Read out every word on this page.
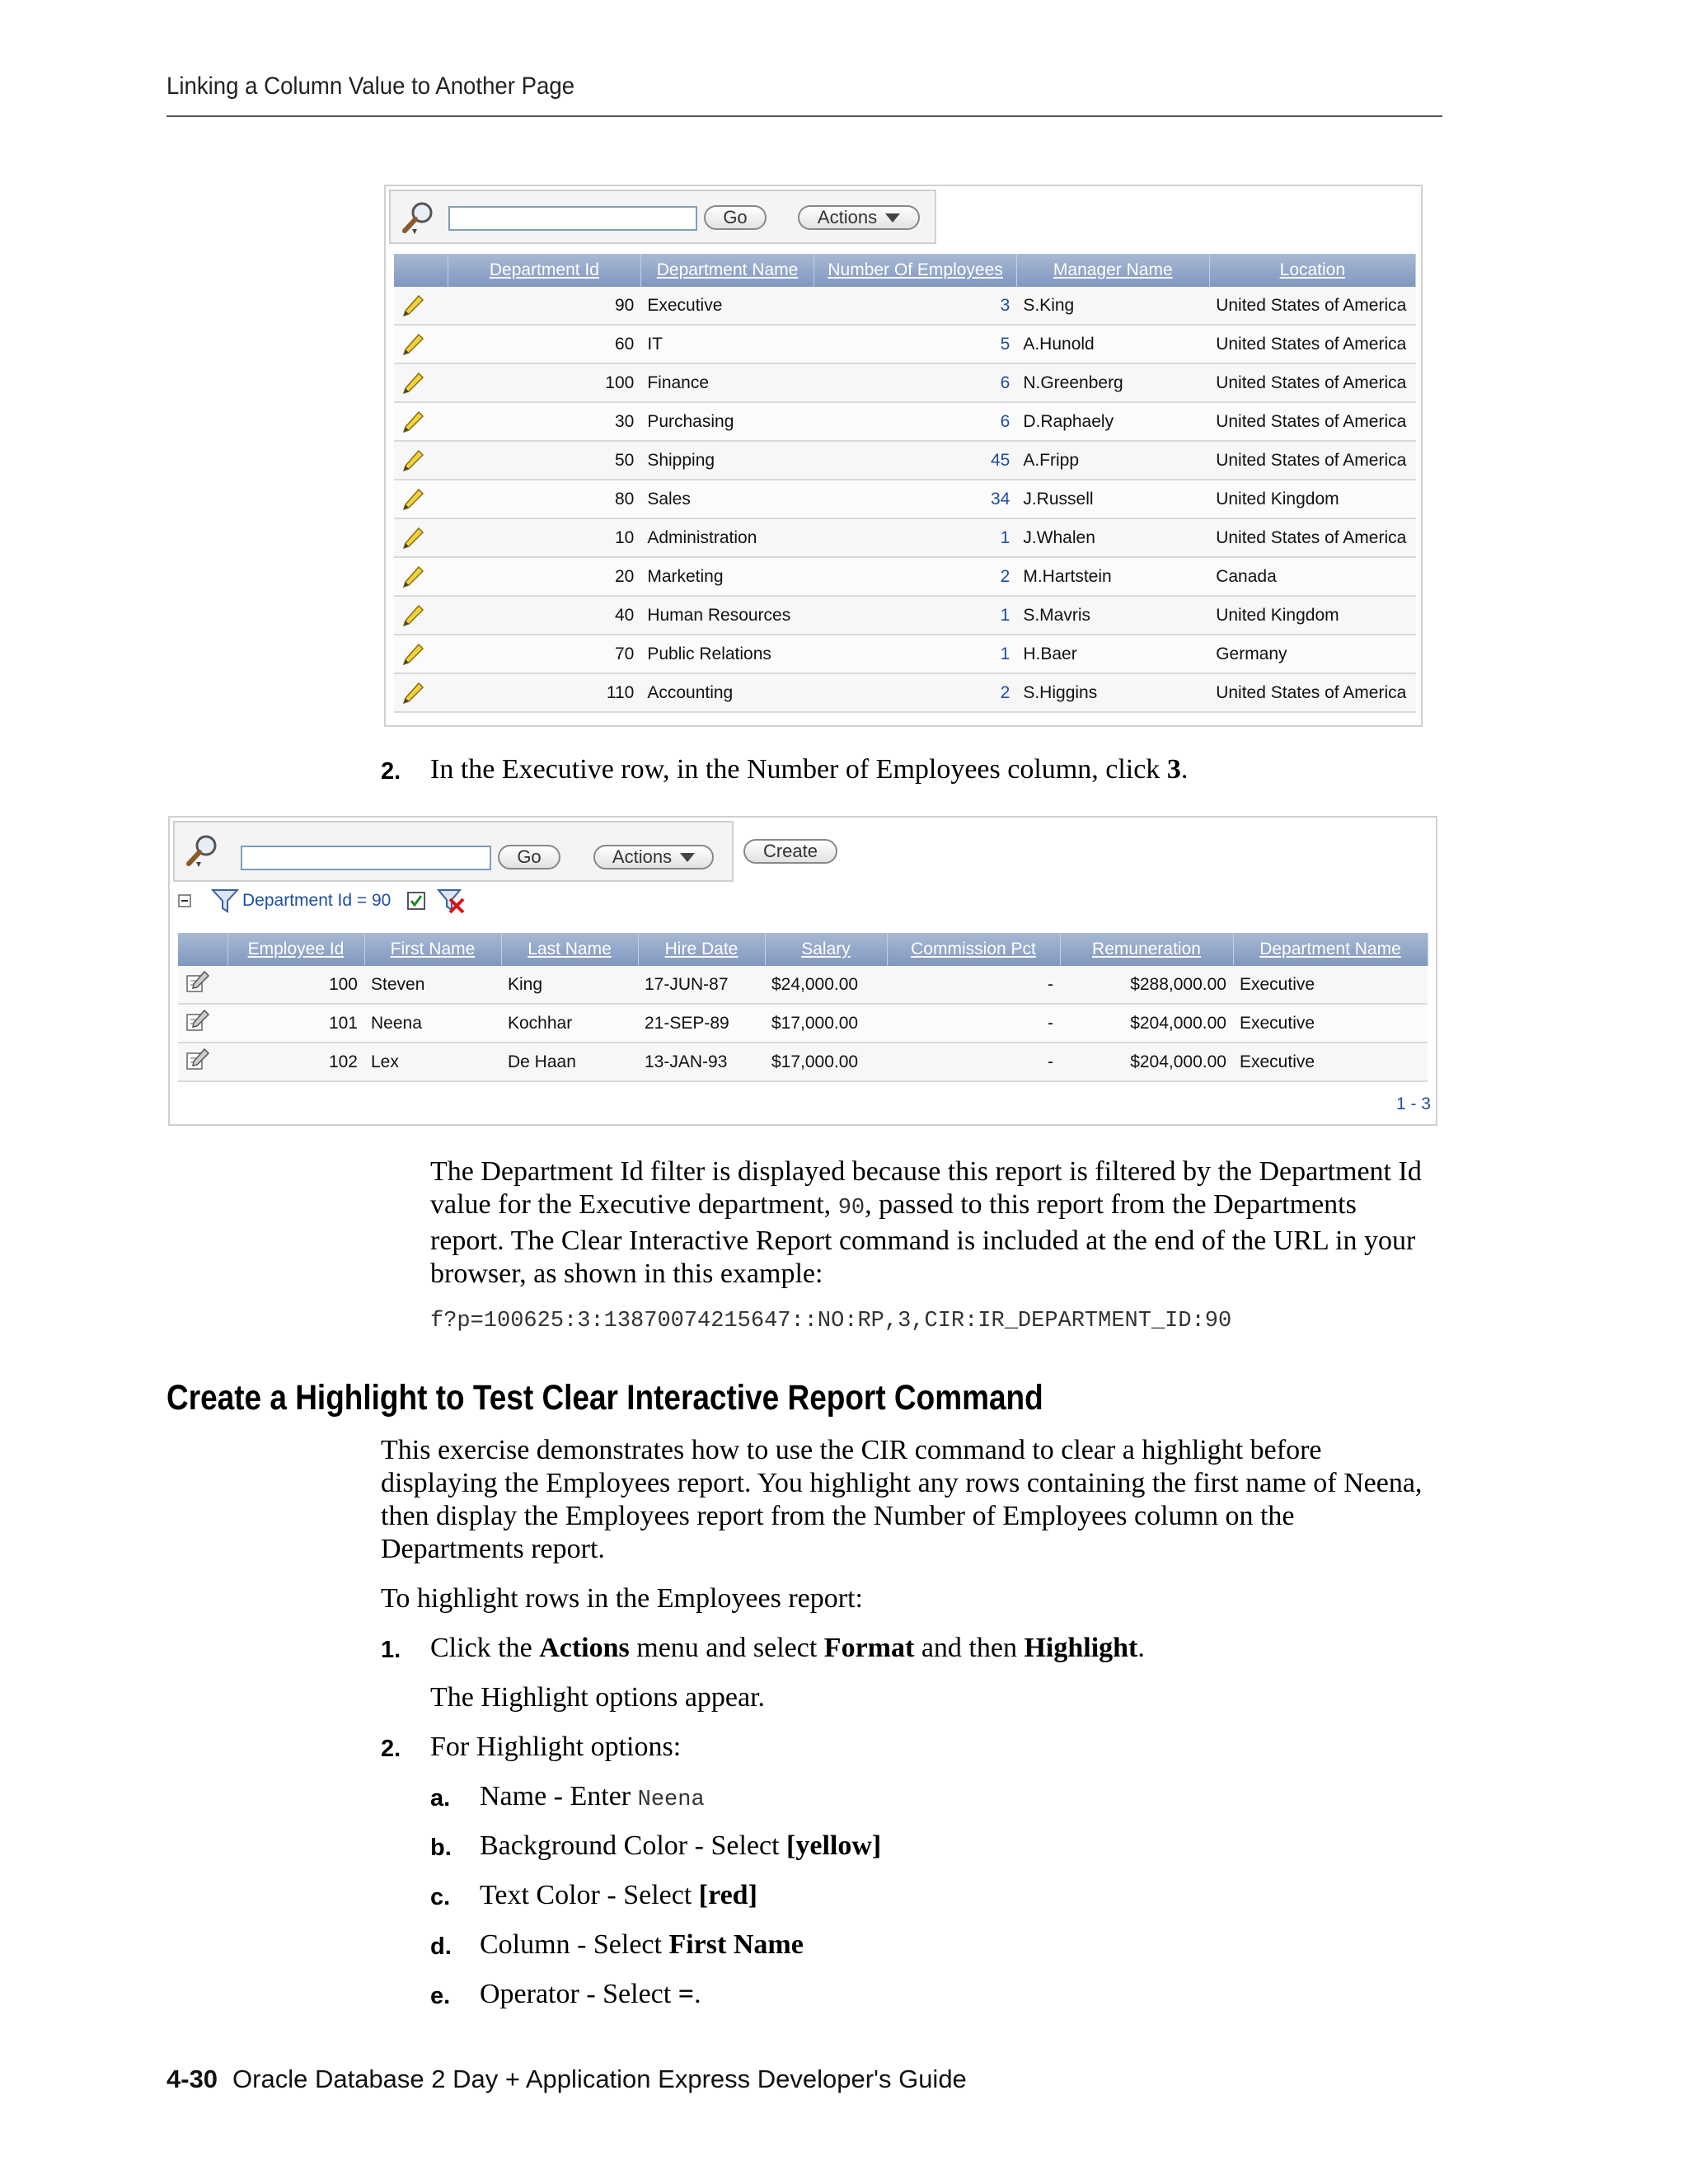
Linking a Column Value to Another Page
Go	Actions
	Department Id	Department Name	Number Of Employees	Manager Name	Location

	90	Executive	3	S.King	United States of America

	60	IT	5	A.Hunold	United States of America

	100	Finance	6	N.Greenberg	United States of America

	30	Purchasing	6	D.Raphaely	United States of America

	50	Shipping	45	A.Fripp	United States of America

	80	Sales	34	J.Russell	United Kingdom

	10	Administration	1	J.Whalen	United States of America

	20	Marketing	2	M.Hartstein	Canada

	40	Human Resources	1	S.Mavris	United Kingdom

	70	Public Relations	1	H.Baer	Germany

	110	Accounting	2	S.Higgins	United States of America
2. In the Executive row, in the Number of Employees column, click 3.
Go	Actions	Create
Department Id = 90
	Employee Id	First Name	Last Name	Hire Date	Salary	Commission Pct	Remuneration	Department Name
	100	Steven	King	17-JUN-87	$24,000.00	-	$288,000.00	Executive
	101	Neena	Kochhar	21-SEP-89	$17,000.00	-	$204,000.00	Executive
	102	Lex	De Haan	13-JAN-93	$17,000.00	-	$204,000.00	Executive
1 - 3
The Department Id filter is displayed because this report is filtered by the Department Id value for the Executive department, 90, passed to this report from the Departments report. The Clear Interactive Report command is included at the end of the URL in your browser, as shown in this example:
f?p=100625:3:13870074215647::NO:RP,3,CIR:IR_DEPARTMENT_ID:90
Create a Highlight to Test Clear Interactive Report Command
This exercise demonstrates how to use the CIR command to clear a highlight before displaying the Employees report. You highlight any rows containing the first name of Neena, then display the Employees report from the Number of Employees column on the Departments report.
To highlight rows in the Employees report:
1. Click the Actions menu and select Format and then Highlight.
The Highlight options appear.
2. For Highlight options:
a. Name - Enter Neena
b. Background Color - Select [yellow]
c. Text Color - Select [red]
d. Column - Select First Name
e. Operator - Select =.
4-30 Oracle Database 2 Day + Application Express Developer's Guide
